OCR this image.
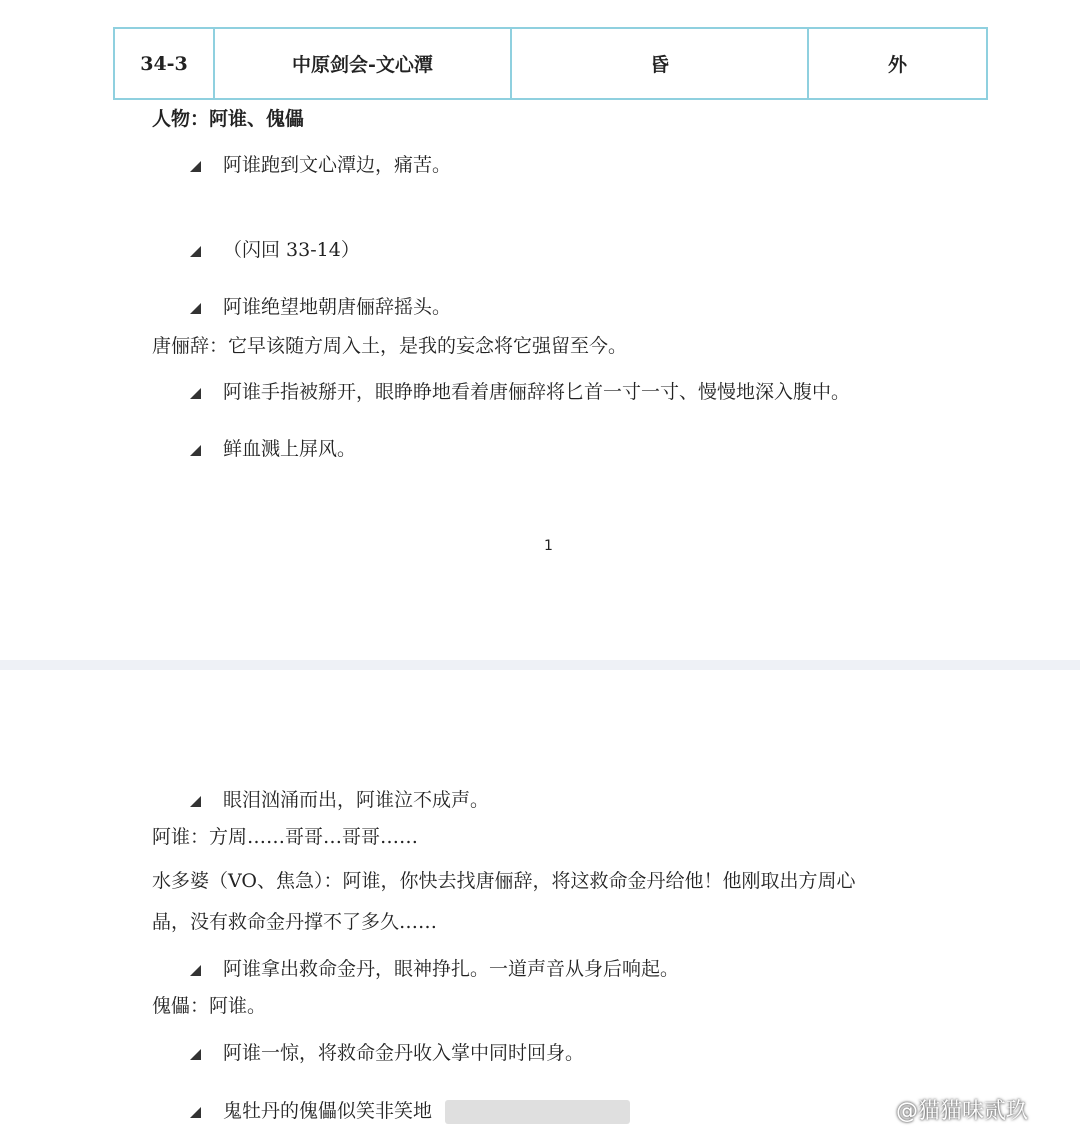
34-3	中原剑会-文心潭	昏	外
人物：阿谁、傀儡
阿谁跑到文心潭边，痛苦。
（闪回 33-14）
阿谁绝望地朝唐俪辞摇头。
唐俪辞：它早该随方周入土，是我的妄念将它强留至今。
阿谁手指被掰开，眼睁睁地看着唐俪辞将匕首一寸一寸、慢慢地深入腹中。
鲜血溅上屏风。
1
眼泪汹涌而出，阿谁泣不成声。
阿谁：方周……哥哥…哥哥……
水多婆（VO、焦急）：阿谁，你快去找唐俪辞，将这救命金丹给他！他刚取出方周心
晶，没有救命金丹撑不了多久……
阿谁拿出救命金丹，眼神挣扎。一道声音从身后响起。
傀儡：阿谁。
阿谁一惊，将救命金丹收入掌中同时回身。
鬼牡丹的傀儡似笑非笑地	@猫猫味贰玖
